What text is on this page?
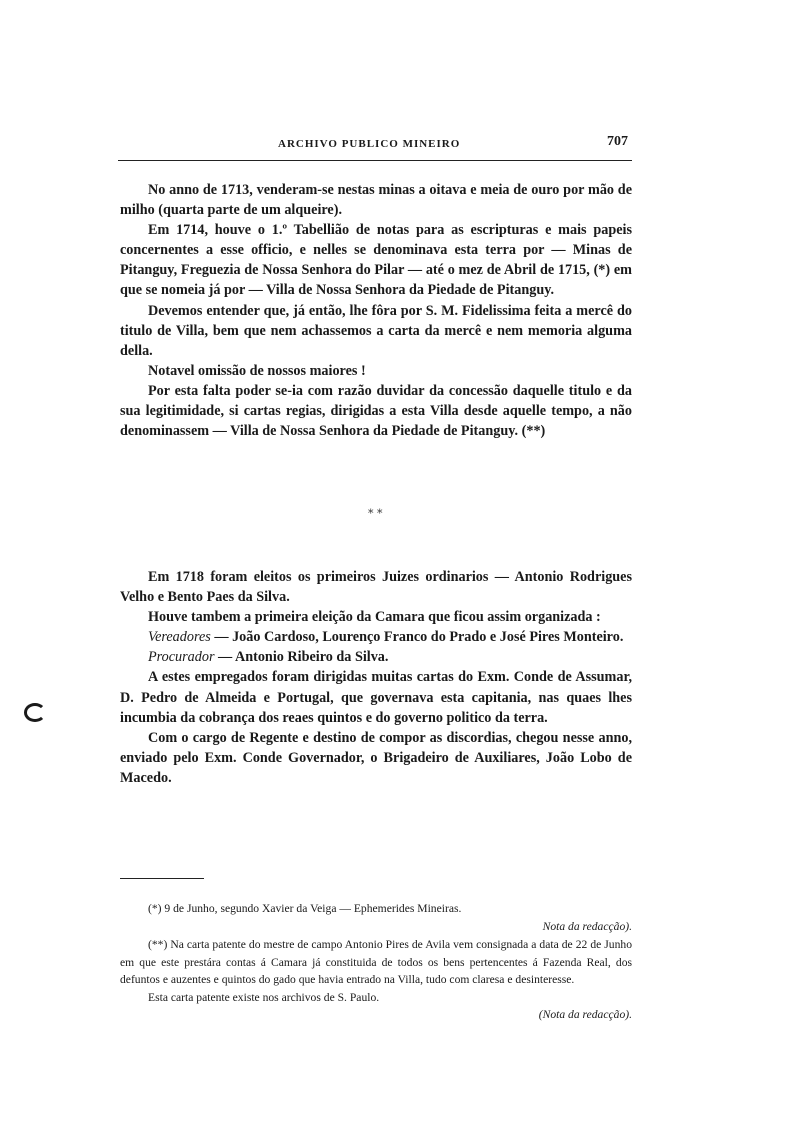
ARCHIVO PUBLICO MINEIRO	707

No anno de 1713, venderam-se nestas minas a oitava e meia de ouro por mão de milho (quarta parte de um alqueire).

Em 1714, houve o 1.º Tabellião de notas para as escripturas e mais papeis concernentes a esse officio, e nelles se denominava esta terra por — Minas de Pitanguy, Freguezia de Nossa Senhora do Pilar — até o mez de Abril de 1715, (*) em que se nomeia já por — Villa de Nossa Senhora da Piedade de Pitanguy.

Devemos entender que, já então, lhe fôra por S. M. Fidelissima feita a mercê do titulo de Villa, bem que nem achassemos a carta da mercê e nem memoria alguma della.

Notavel omissão de nossos maiores !

Por esta falta poder se-ia com razão duvidar da concessão daquelle titulo e da sua legitimidade, si cartas regias, dirigidas a esta Villa desde aquelle tempo, a não denominassem — Villa de Nossa Senhora da Piedade de Pitanguy. (**)

* *

Em 1718 foram eleitos os primeiros Juizes ordinarios — Antonio Rodrigues Velho e Bento Paes da Silva.

Houve tambem a primeira eleição da Camara que ficou assim organizada :

Vereadores — João Cardoso, Lourenço Franco do Prado e José Pires Monteiro.

Procurador — Antonio Ribeiro da Silva.

A estes empregados foram dirigidas muitas cartas do Exm. Conde de Assumar, D. Pedro de Almeida e Portugal, que governava esta capitania, nas quaes lhes incumbia da cobrança dos reaes quintos e do governo politico da terra.

Com o cargo de Regente e destino de compor as discordias, chegou nesse anno, enviado pelo Exm. Conde Governador, o Brigadeiro de Auxiliares, João Lobo de Macedo.

(*) 9 de Junho, segundo Xavier da Veiga — Ephemerides Mineiras.

Nota da redacção).

(**) Na carta patente do mestre de campo Antonio Pires de Avila vem consignada a data de 22 de Junho em que este prestára contas á Camara já constituida de todos os bens pertencentes á Fazenda Real, dos defuntos e auzentes e quintos do gado que havia entrado na Villa, tudo com claresa e desinteresse.

Esta carta patente existe nos archivos de S. Paulo.

(Nota da redacção).
